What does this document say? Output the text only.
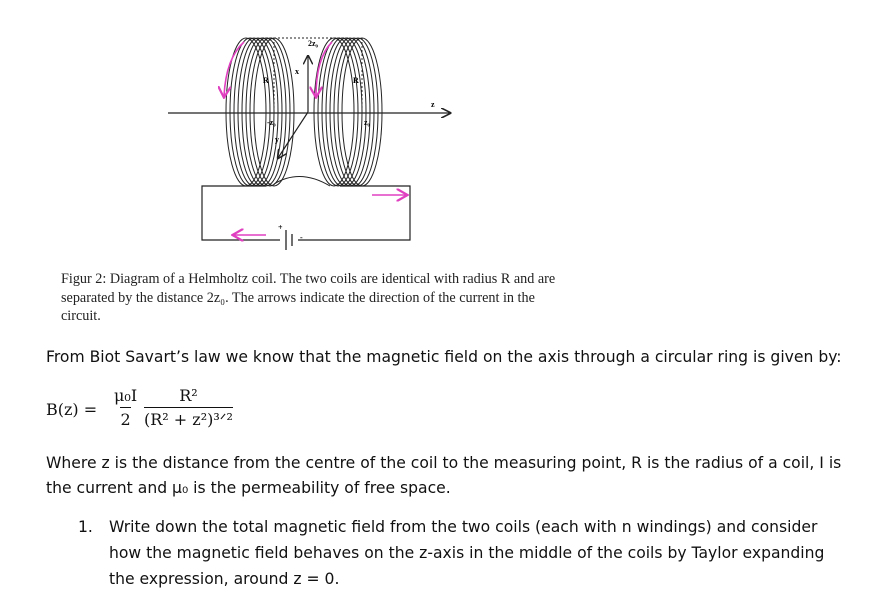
z
2z₀
R	R
-z₀	z₀
x
y
+
-
Figur 2: Diagram of a Helmholtz coil. The two coils are identical with radius R and are separated by the distance 2z₀. The arrows indicate the direction of the current in the circuit.
From Biot Savart’s law we know that the magnetic field on the axis through a circular ring is given by:
$B(z) = \frac{\text{μ₀I}}{2}$	R²
(R² + z²)³ᐟ²
Where z is the distance from the centre of the coil to the measuring point, R is the radius of a coil, I is the current and μ₀ is the permeability of free space.
1. Write down the total magnetic field from the two coils (each with n windings) and consider how the magnetic field behaves on the z-axis in the middle of the coils by Taylor expanding the expression, around z = 0.
